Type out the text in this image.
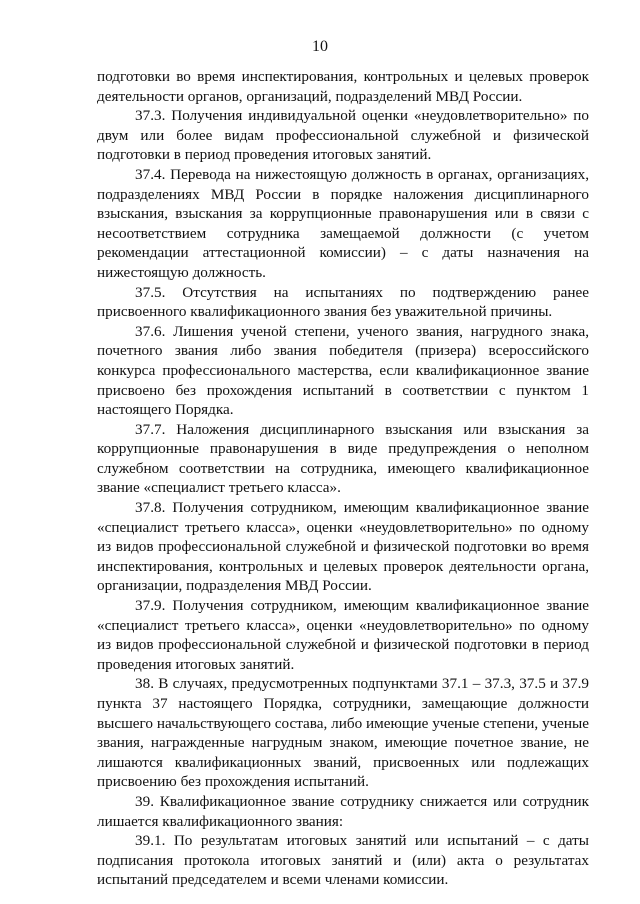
10

подготовки во время инспектирования, контрольных и целевых проверок деятельности органов, организаций, подразделений МВД России.

37.3. Получения индивидуальной оценки «неудовлетворительно» по двум или более видам профессиональной служебной и физической подготовки в период проведения итоговых занятий.

37.4. Перевода на нижестоящую должность в органах, организациях, подразделениях МВД России в порядке наложения дисциплинарного взыскания, взыскания за коррупционные правонарушения или в связи с несоответствием сотрудника замещаемой должности (с учетом рекомендации аттестационной комиссии) – с даты назначения на нижестоящую должность.

37.5. Отсутствия на испытаниях по подтверждению ранее присвоенного квалификационного звания без уважительной причины.

37.6. Лишения ученой степени, ученого звания, нагрудного знака, почетного звания либо звания победителя (призера) всероссийского конкурса профессионального мастерства, если квалификационное звание присвоено без прохождения испытаний в соответствии с пунктом 1 настоящего Порядка.

37.7. Наложения дисциплинарного взыскания или взыскания за коррупционные правонарушения в виде предупреждения о неполном служебном соответствии на сотрудника, имеющего квалификационное звание «специалист третьего класса».

37.8. Получения сотрудником, имеющим квалификационное звание «специалист третьего класса», оценки «неудовлетворительно» по одному из видов профессиональной служебной и физической подготовки во время инспектирования, контрольных и целевых проверок деятельности органа, организации, подразделения МВД России.

37.9. Получения сотрудником, имеющим квалификационное звание «специалист третьего класса», оценки «неудовлетворительно» по одному из видов профессиональной служебной и физической подготовки в период проведения итоговых занятий.

38. В случаях, предусмотренных подпунктами 37.1 – 37.3, 37.5 и 37.9 пункта 37 настоящего Порядка, сотрудники, замещающие должности высшего начальствующего состава, либо имеющие ученые степени, ученые звания, награжденные нагрудным знаком, имеющие почетное звание, не лишаются квалификационных званий, присвоенных или подлежащих присвоению без прохождения испытаний.

39. Квалификационное звание сотруднику снижается или сотрудник лишается квалификационного звания:

39.1. По результатам итоговых занятий или испытаний – с даты подписания протокола итоговых занятий и (или) акта о результатах испытаний председателем и всеми членами комиссии.
